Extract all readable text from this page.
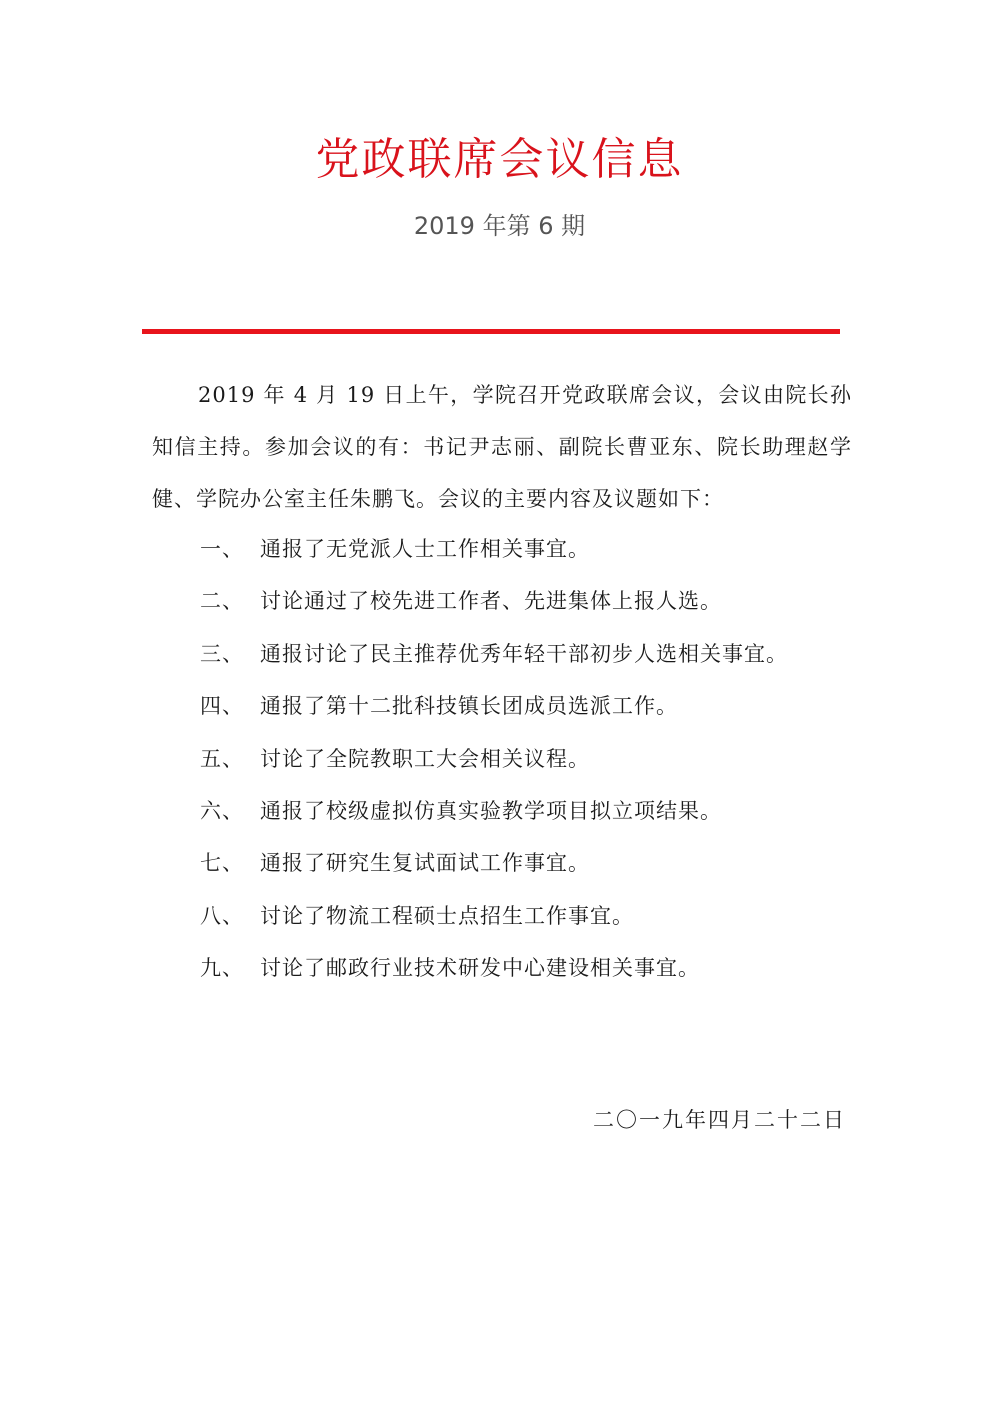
党政联席会议信息
2019 年第 6 期
2019 年 4 月 19 日上午，学院召开党政联席会议，会议由院长孙知信主持。参加会议的有：书记尹志丽、副院长曹亚东、院长助理赵学健、学院办公室主任朱鹏飞。会议的主要内容及议题如下：
一、 通报了无党派人士工作相关事宜。
二、 讨论通过了校先进工作者、先进集体上报人选。
三、 通报讨论了民主推荐优秀年轻干部初步人选相关事宜。
四、 通报了第十二批科技镇长团成员选派工作。
五、 讨论了全院教职工大会相关议程。
六、 通报了校级虚拟仿真实验教学项目拟立项结果。
七、 通报了研究生复试面试工作事宜。
八、 讨论了物流工程硕士点招生工作事宜。
九、 讨论了邮政行业技术研发中心建设相关事宜。
二〇一九年四月二十二日
